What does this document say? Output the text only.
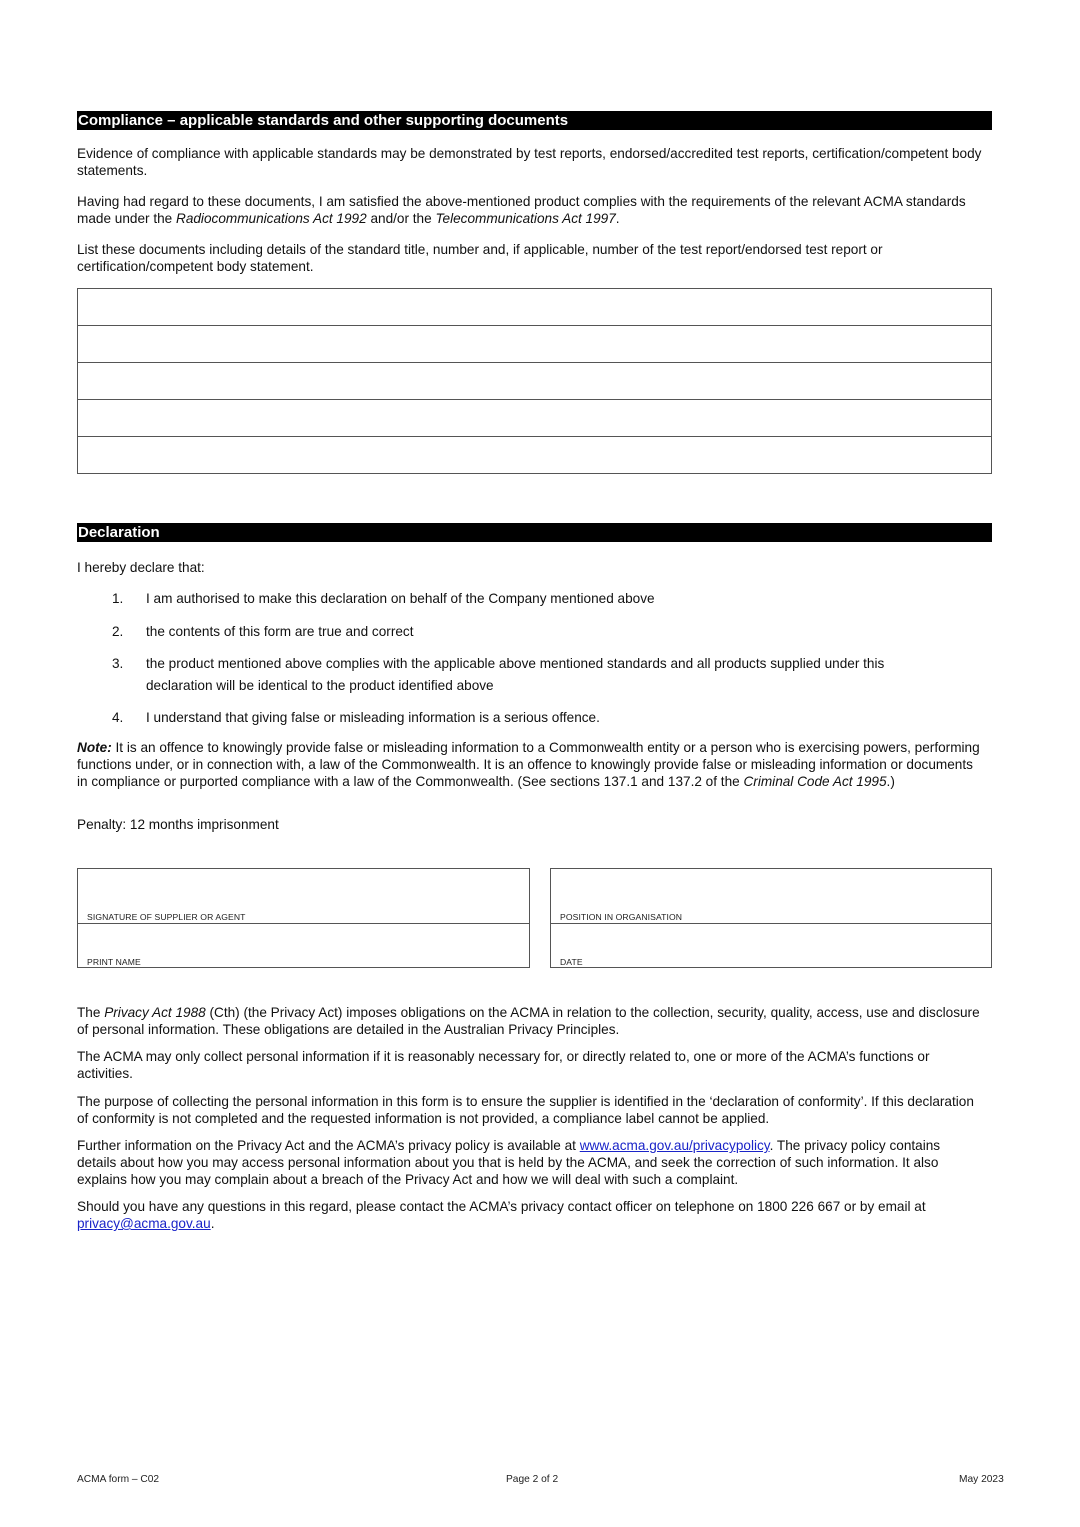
Compliance – applicable standards and other supporting documents

Evidence of compliance with applicable standards may be demonstrated by test reports, endorsed/accredited test reports, certification/competent body statements.

Having had regard to these documents, I am satisfied the above-mentioned product complies with the requirements of the relevant ACMA standards made under the Radiocommunications Act 1992 and/or the Telecommunications Act 1997.

List these documents including details of the standard title, number and, if applicable, number of the test report/endorsed test report or certification/competent body statement.

Declaration

I hereby declare that:

1.	I am authorised to make this declaration on behalf of the Company mentioned above
2.	the contents of this form are true and correct
3.	the product mentioned above complies with the applicable above mentioned standards and all products supplied under this declaration will be identical to the product identified above
4.	I understand that giving false or misleading information is a serious offence.

Note: It is an offence to knowingly provide false or misleading information to a Commonwealth entity or a person who is exercising powers, performing functions under, or in connection with, a law of the Commonwealth. It is an offence to knowingly provide false or misleading information or documents in compliance or purported compliance with a law of the Commonwealth. (See sections 137.1 and 137.2 of the Criminal Code Act 1995.)

Penalty: 12 months imprisonment

SIGNATURE OF SUPPLIER OR AGENT
PRINT NAME
POSITION IN ORGANISATION
DATE

The Privacy Act 1988 (Cth) (the Privacy Act) imposes obligations on the ACMA in relation to the collection, security, quality, access, use and disclosure of personal information. These obligations are detailed in the Australian Privacy Principles.

The ACMA may only collect personal information if it is reasonably necessary for, or directly related to, one or more of the ACMA’s functions or activities.

The purpose of collecting the personal information in this form is to ensure the supplier is identified in the ‘declaration of conformity’. If this declaration of conformity is not completed and the requested information is not provided, a compliance label cannot be applied.

Further information on the Privacy Act and the ACMA’s privacy policy is available at www.acma.gov.au/privacypolicy. The privacy policy contains details about how you may access personal information about you that is held by the ACMA, and seek the correction of such information. It also explains how you may complain about a breach of the Privacy Act and how we will deal with such a complaint.

Should you have any questions in this regard, please contact the ACMA’s privacy contact officer on telephone on 1800 226 667 or by email at privacy@acma.gov.au.

ACMA form – C02	Page 2 of 2	May 2023
